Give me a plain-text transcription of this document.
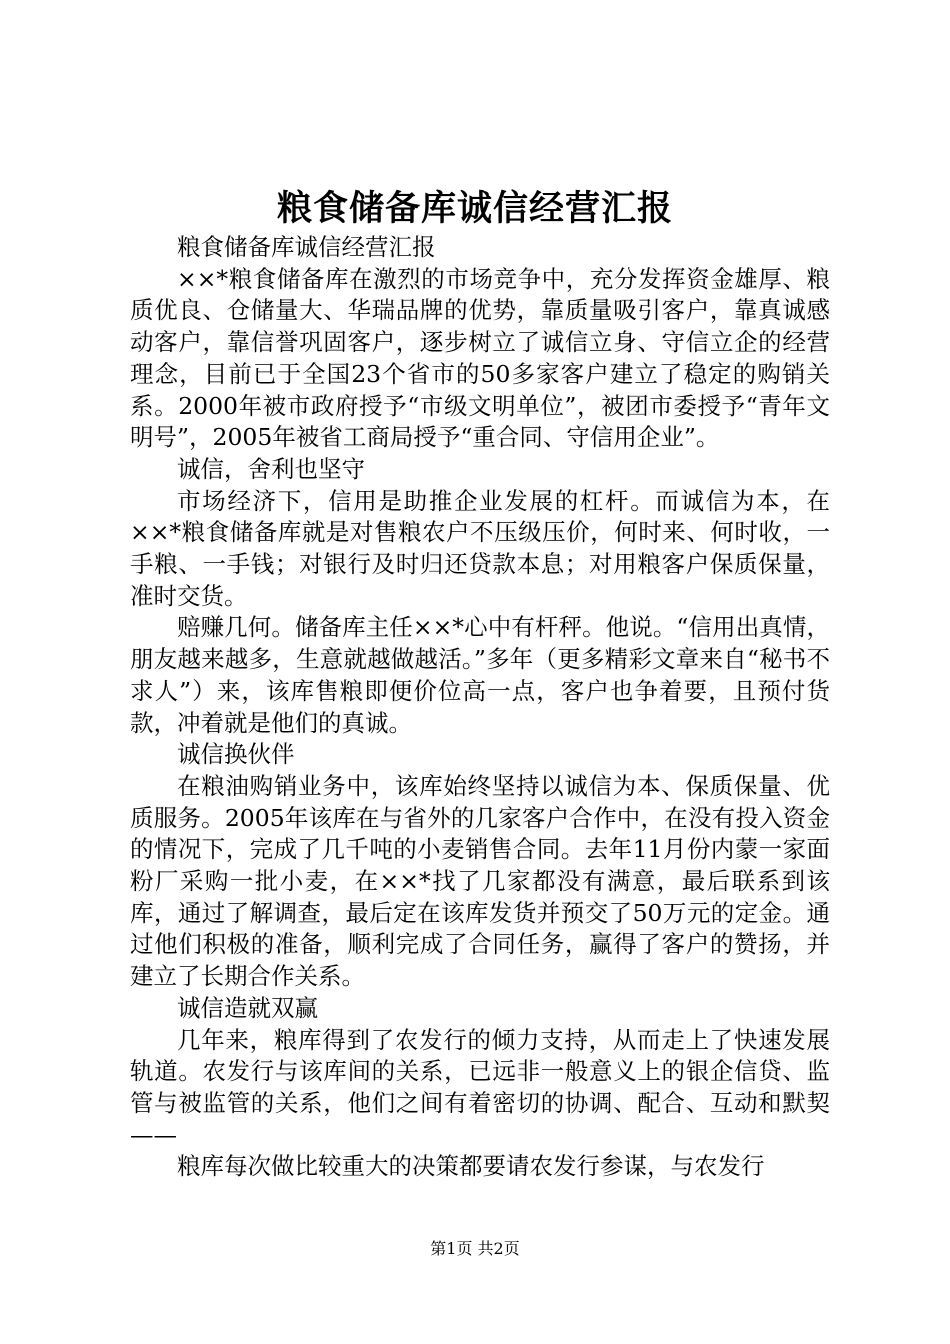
粮食储备库诚信经营汇报

粮食储备库诚信经营汇报

××*粮食储备库在激烈的市场竞争中，充分发挥资金雄厚、粮质优良、仓储量大、华瑞品牌的优势，靠质量吸引客户，靠真诚感动客户，靠信誉巩固客户，逐步树立了诚信立身、守信立企的经营理念，目前已于全国23个省市的50多家客户建立了稳定的购销关系。2000年被市政府授予“市级文明单位”，被团市委授予“青年文明号”，2005年被省工商局授予“重合同、守信用企业”。

诚信，舍利也坚守

市场经济下，信用是助推企业发展的杠杆。而诚信为本，在××*粮食储备库就是对售粮农户不压级压价，何时来、何时收，一手粮、一手钱；对银行及时归还贷款本息；对用粮客户保质保量，准时交货。

赔赚几何。储备库主任××*心中有杆秤。他说。“信用出真情，朋友越来越多，生意就越做越活。”多年（更多精彩文章来自“秘书不求人”）来，该库售粮即便价位高一点，客户也争着要，且预付货款，冲着就是他们的真诚。

诚信换伙伴

在粮油购销业务中，该库始终坚持以诚信为本、保质保量、优质服务。2005年该库在与省外的几家客户合作中，在没有投入资金的情况下，完成了几千吨的小麦销售合同。去年11月份内蒙一家面粉厂采购一批小麦，在××*找了几家都没有满意，最后联系到该库，通过了解调查，最后定在该库发货并预交了50万元的定金。通过他们积极的准备，顺利完成了合同任务，赢得了客户的赞扬，并建立了长期合作关系。

诚信造就双赢

几年来，粮库得到了农发行的倾力支持，从而走上了快速发展轨道。农发行与该库间的关系，已远非一般意义上的银企信贷、监管与被监管的关系，他们之间有着密切的协调、配合、互动和默契——

粮库每次做比较重大的决策都要请农发行参谋，与农发行

第1页 共2页
